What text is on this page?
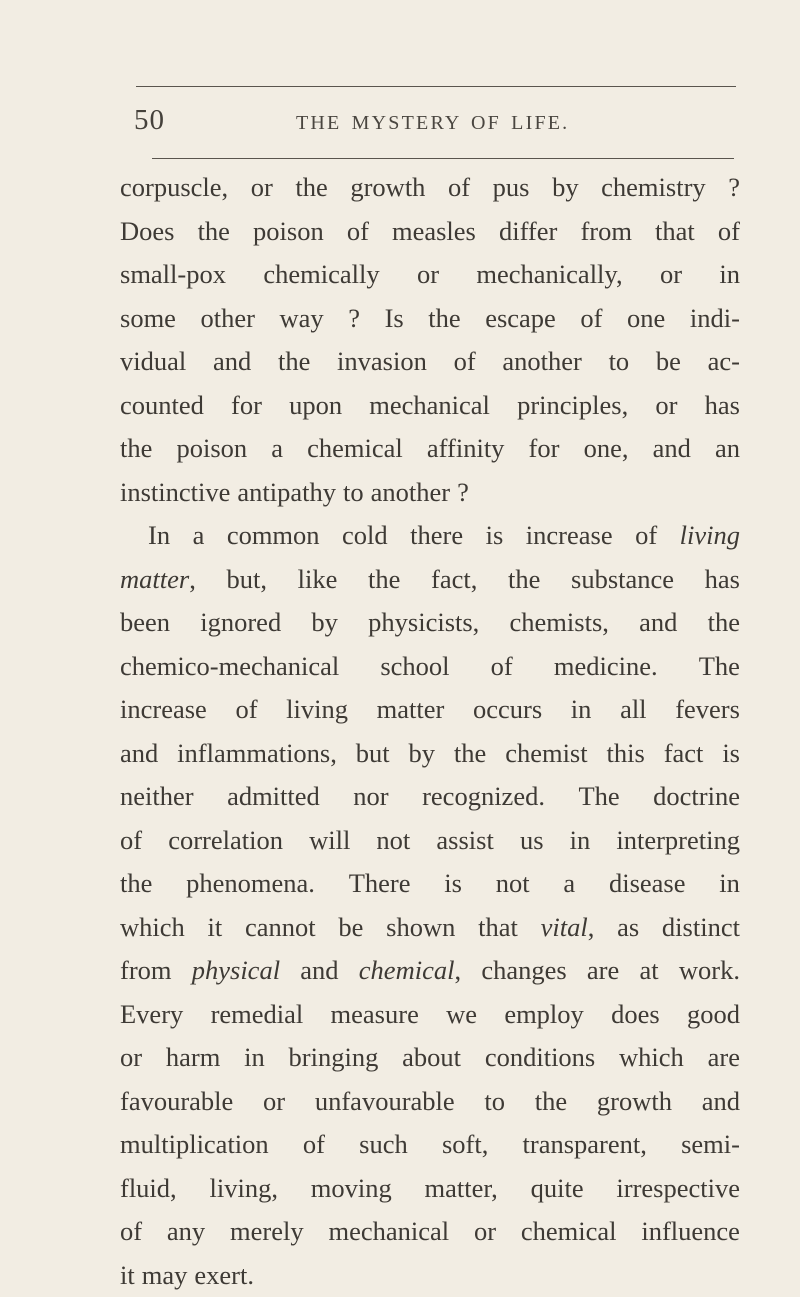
50	THE MYSTERY OF LIFE.
corpuscle, or the growth of pus by chemistry ?
Does the poison of measles differ from that of
small-pox chemically or mechanically, or in
some other way ? Is the escape of one indi-
vidual and the invasion of another to be ac-
counted for upon mechanical principles, or has
the poison a chemical affinity for one, and an
instinctive antipathy to another ?
In a common cold there is increase of living
matter, but, like the fact, the substance has
been ignored by physicists, chemists, and the
chemico-mechanical school of medicine. The
increase of living matter occurs in all fevers
and inflammations, but by the chemist this fact is
neither admitted nor recognized. The doctrine
of correlation will not assist us in interpreting
the phenomena. There is not a disease in
which it cannot be shown that vital, as distinct
from physical and chemical, changes are at work.
Every remedial measure we employ does good
or harm in bringing about conditions which are
favourable or unfavourable to the growth and
multiplication of such soft, transparent, semi-
fluid, living, moving matter, quite irrespective
of any merely mechanical or chemical influence
it may exert.
